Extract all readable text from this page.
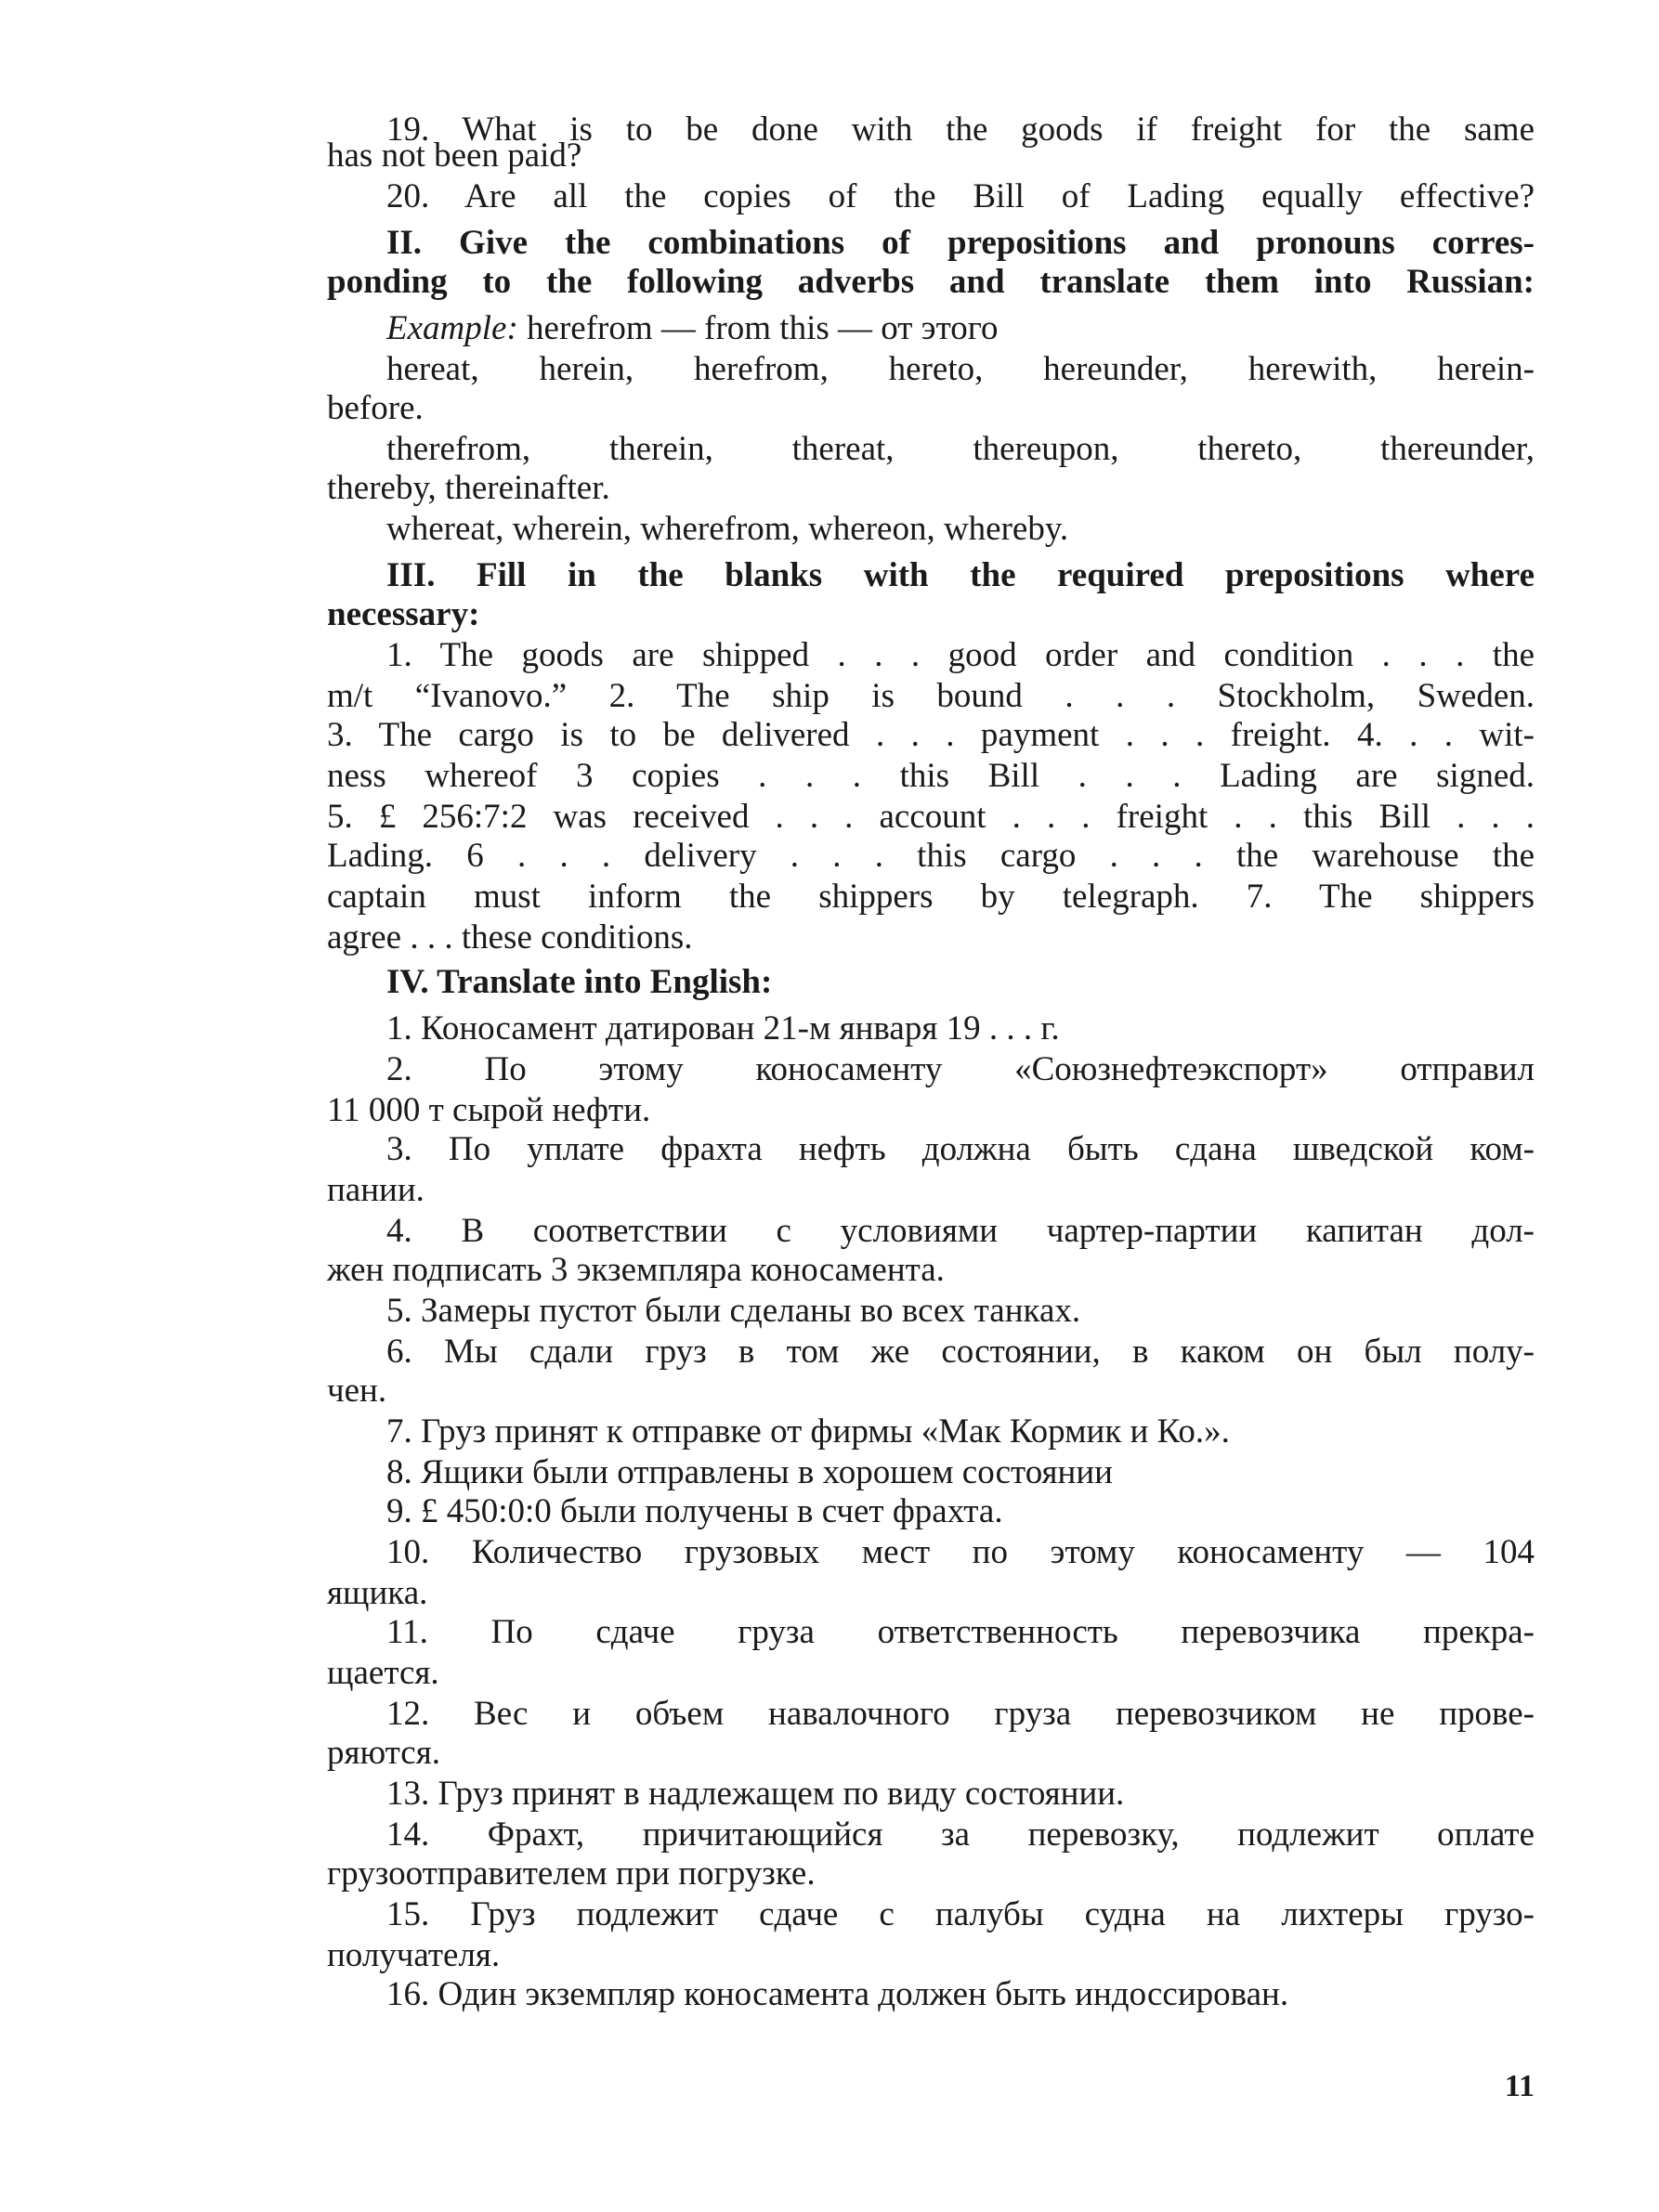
19. What is to be done with the goods if freight for the same
has not been paid?
20. Are all the copies of the Bill of Lading equally effective?
II. Give the combinations of prepositions and pronouns corres-
ponding to the following adverbs and translate them into Russian:
Example: herefrom — from this — от этого
hereat, herein, herefrom, hereto, hereunder, herewith, herein-
before.
therefrom, therein, thereat, thereupon, thereto, thereunder,
thereby, thereinafter.
whereat, wherein, wherefrom, whereon, whereby.
III. Fill in the blanks with the required prepositions where
necessary:
1. The goods are shipped . . . good order and condition . . . the
m/t “Ivanovo.” 2. The ship is bound . . . Stockholm, Sweden.
3. The cargo is to be delivered . . . payment . . . freight. 4. . . wit-
ness whereof 3 copies . . . this Bill . . . Lading are signed.
5. £ 256:7:2 was received . . . account . . . freight . . this Bill . . .
Lading. 6 . . . delivery . . . this cargo . . . the warehouse the
captain must inform the shippers by telegraph. 7. The shippers
agree . . . these conditions.
IV. Translate into English:
1. Коносамент датирован 21-м января 19 . . . г.
2. По этому коносаменту «Союзнефтеэкспорт» отправил
11 000 т сырой нефти.
3. По уплате фрахта нефть должна быть сдана шведской ком-
пании.
4. В соответствии с условиями чартер-партии капитан дол-
жен подписать 3 экземпляра коносамента.
5. Замеры пустот были сделаны во всех танках.
6. Мы сдали груз в том же состоянии, в каком он был полу-
чен.
7. Груз принят к отправке от фирмы «Мак Кормик и Ко.».
8. Ящики были отправлены в хорошем состоянии
9. £ 450:0:0 были получены в счет фрахта.
10. Количество грузовых мест по этому коносаменту — 104
ящика.
11. По сдаче груза ответственность перевозчика прекра-
щается.
12. Вес и объем навалочного груза перевозчиком не прове-
ряются.
13. Груз принят в надлежащем по виду состоянии.
14. Фрахт, причитающийся за перевозку, подлежит оплате
грузоотправителем при погрузке.
15. Груз подлежит сдаче с палубы судна на лихтеры грузо-
получателя.
16. Один экземпляр коносамента должен быть индоссирован.
11
